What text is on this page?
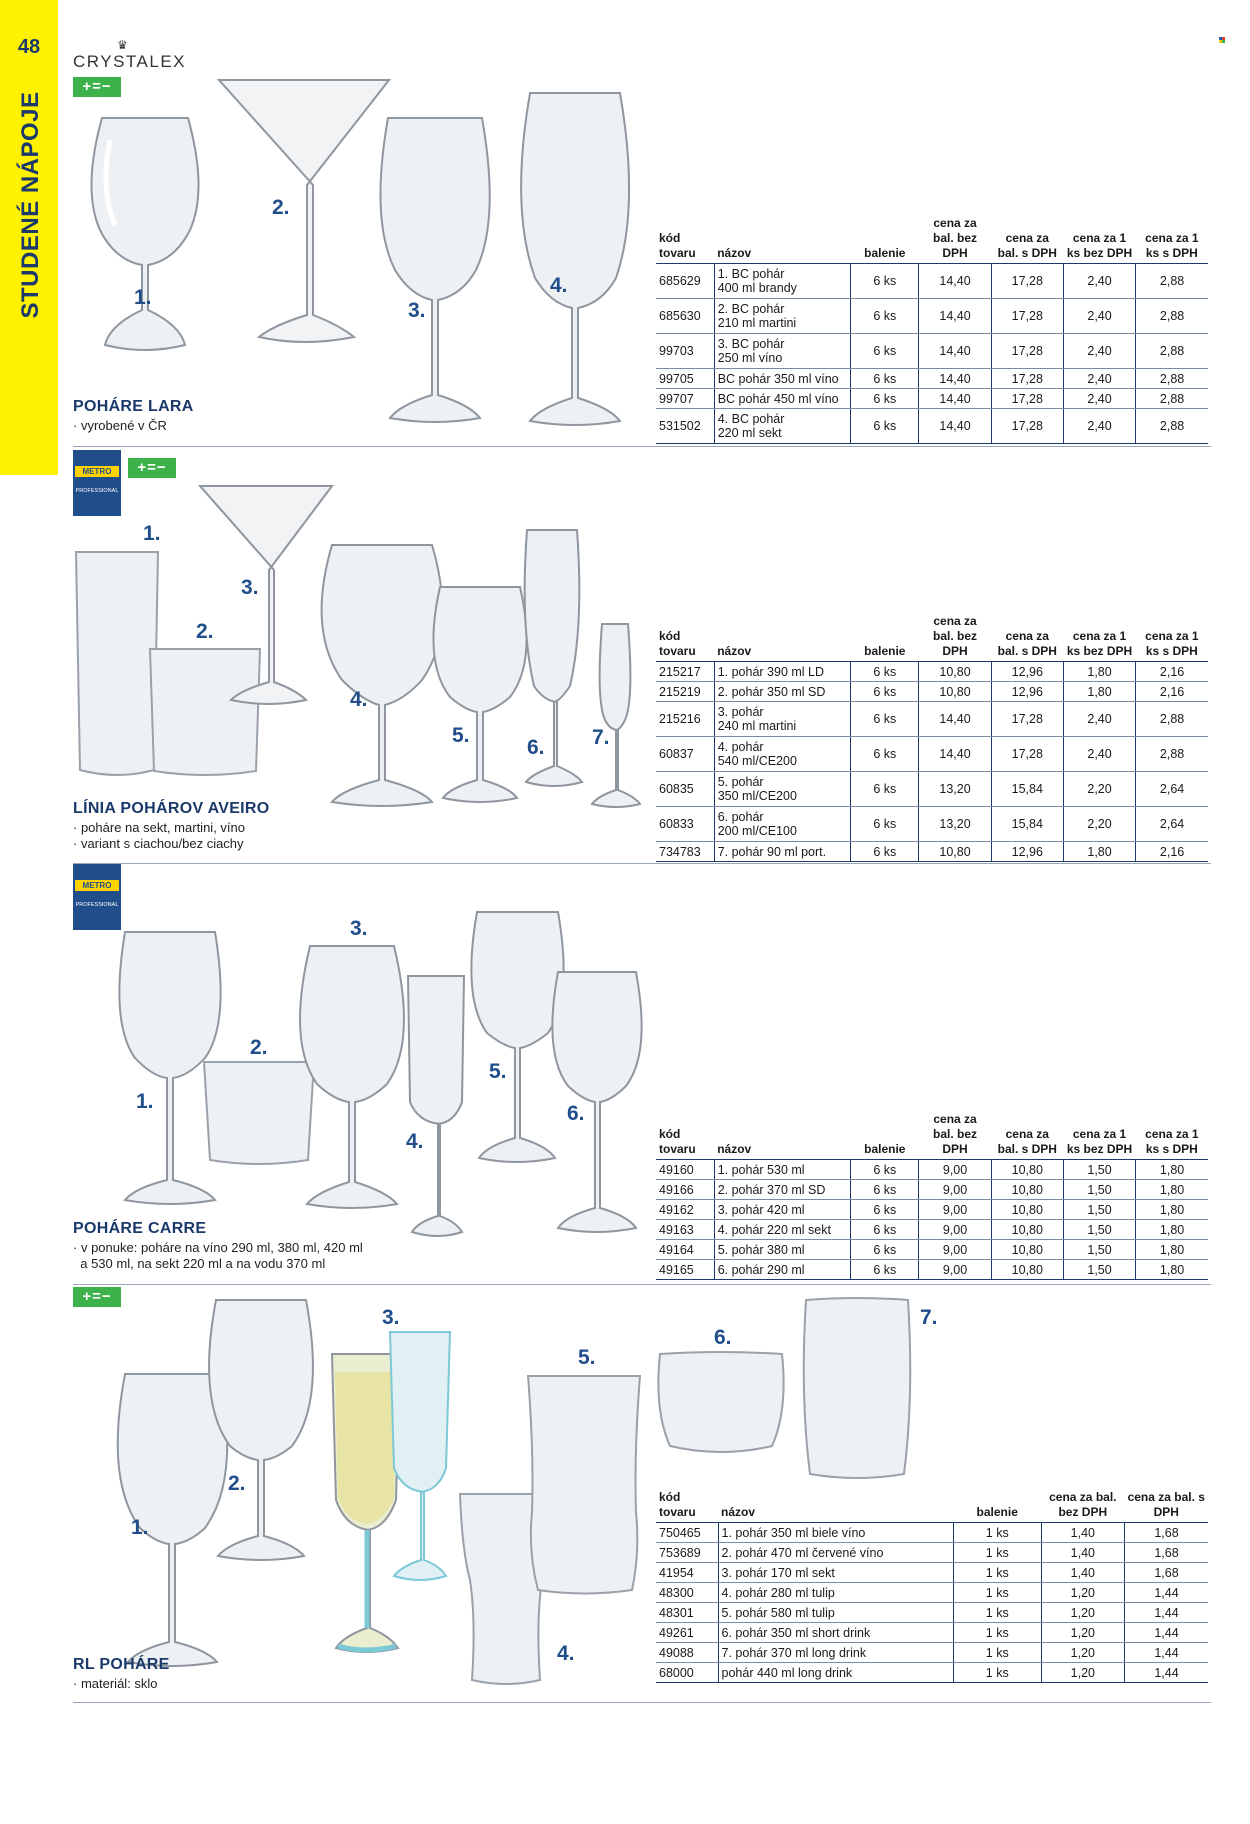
48
STUDENÉ NÁPOJE
♛
CRYSTALEX
+=−
METRO
PROFESSIONAL
+=−
METRO
PROFESSIONAL
+=−
1.
2.
3.
4.
POHÁRE LARA
· vyrobené v ČR
kód tovaru	názov	balenie	cena za bal. bez DPH	cena za bal. s DPH	cena za 1 ks bez DPH	cena za 1 ks s DPH
685629	1. BC pohár
400 ml brandy	6 ks	14,40	17,28	2,40	2,88
685630	2. BC pohár
210 ml martini	6 ks	14,40	17,28	2,40	2,88
99703	3. BC pohár
250 ml víno	6 ks	14,40	17,28	2,40	2,88
99705	BC pohár 350 ml víno	6 ks	14,40	17,28	2,40	2,88
99707	BC pohár 450 ml víno	6 ks	14,40	17,28	2,40	2,88
531502	4. BC pohár
220 ml sekt	6 ks	14,40	17,28	2,40	2,88
1.
2.
3.
4.
5.
6. 7.
LÍNIA POHÁROV AVEIRO
· poháre na sekt, martini, víno
· variant s ciachou/bez ciachy
kód tovaru	názov	balenie	cena za bal. bez DPH	cena za bal. s DPH	cena za 1 ks bez DPH	cena za 1 ks s DPH
215217	1. pohár 390 ml LD	6 ks	10,80	12,96	1,80	2,16
215219	2. pohár 350 ml SD	6 ks	10,80	12,96	1,80	2,16
215216	3. pohár
240 ml martini	6 ks	14,40	17,28	2,40	2,88
60837	4. pohár
540 ml/CE200	6 ks	14,40	17,28	2,40	2,88
60835	5. pohár
350 ml/CE200	6 ks	13,20	15,84	2,20	2,64
60833	6. pohár
200 ml/CE100	6 ks	13,20	15,84	2,20	2,64
734783	7. pohár 90 ml port.	6 ks	10,80	12,96	1,80	2,16
1.
2.
3.
4.
5.
6.
POHÁRE CARRE
· v ponuke: poháre na víno 290 ml, 380 ml, 420 ml
a 530 ml, na sekt 220 ml a na vodu 370 ml
kód tovaru	názov	balenie	cena za bal. bez DPH	cena za bal. s DPH	cena za 1 ks bez DPH	cena za 1 ks s DPH
49160	1. pohár 530 ml	6 ks	9,00	10,80	1,50	1,80
49166	2. pohár 370 ml SD	6 ks	9,00	10,80	1,50	1,80
49162	3. pohár 420 ml	6 ks	9,00	10,80	1,50	1,80
49163	4. pohár 220 ml sekt	6 ks	9,00	10,80	1,50	1,80
49164	5. pohár 380 ml	6 ks	9,00	10,80	1,50	1,80
49165	6. pohár 290 ml	6 ks	9,00	10,80	1,50	1,80
1.
2.
3.
4.
5.
6.
7.
RL POHÁRE
· materiál: sklo
kód tovaru	názov	balenie	cena za bal. bez DPH	cena za bal. s DPH
750465	1. pohár 350 ml biele víno	1 ks	1,40	1,68
753689	2. pohár 470 ml červené víno	1 ks	1,40	1,68
41954	3. pohár 170 ml sekt	1 ks	1,40	1,68
48300	4. pohár 280 ml tulip	1 ks	1,20	1,44
48301	5. pohár 580 ml tulip	1 ks	1,20	1,44
49261	6. pohár 350 ml short drink	1 ks	1,20	1,44
49088	7. pohár 370 ml long drink	1 ks	1,20	1,44
68000	pohár 440 ml long drink	1 ks	1,20	1,44
